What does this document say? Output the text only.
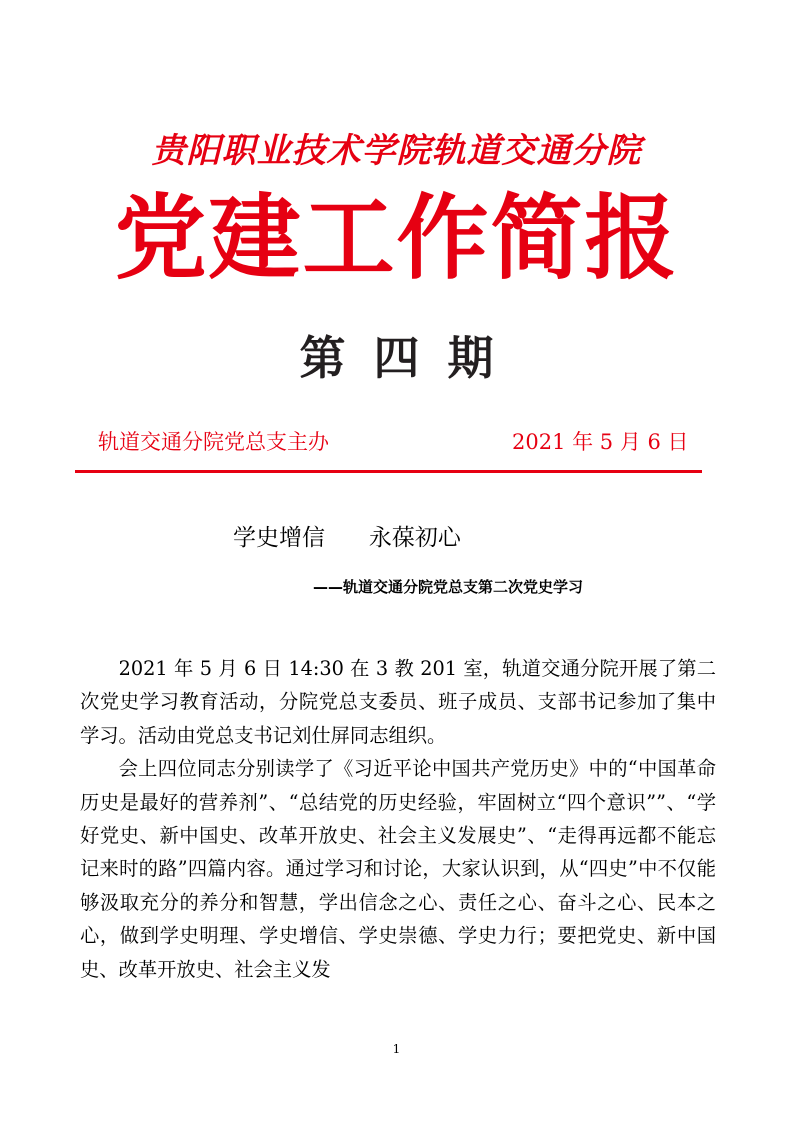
贵阳职业技术学院轨道交通分院
党建工作简报
第 四 期
轨道交通分院党总支主办	2021 年 5 月 6 日
学史增信      永葆初心
——轨道交通分院党总支第二次党史学习

2021 年 5 月 6 日 14:30 在 3 教 201 室，轨道交通分院开展了第二次党史学习教育活动，分院党总支委员、班子成员、支部书记参加了集中学习。活动由党总支书记刘仕屏同志组织。

会上四位同志分别读学了《习近平论中国共产党历史》中的“中国革命历史是最好的营养剂”、“总结党的历史经验，牢固树立“四个意识””、“学好党史、新中国史、改革开放史、社会主义发展史”、“走得再远都不能忘记来时的路”四篇内容。通过学习和讨论，大家认识到，从“四史”中不仅能够汲取充分的养分和智慧，学出信念之心、责任之心、奋斗之心、民本之心，做到学史明理、学史增信、学史崇德、学史力行；要把党史、新中国史、改革开放史、社会主义发

1
